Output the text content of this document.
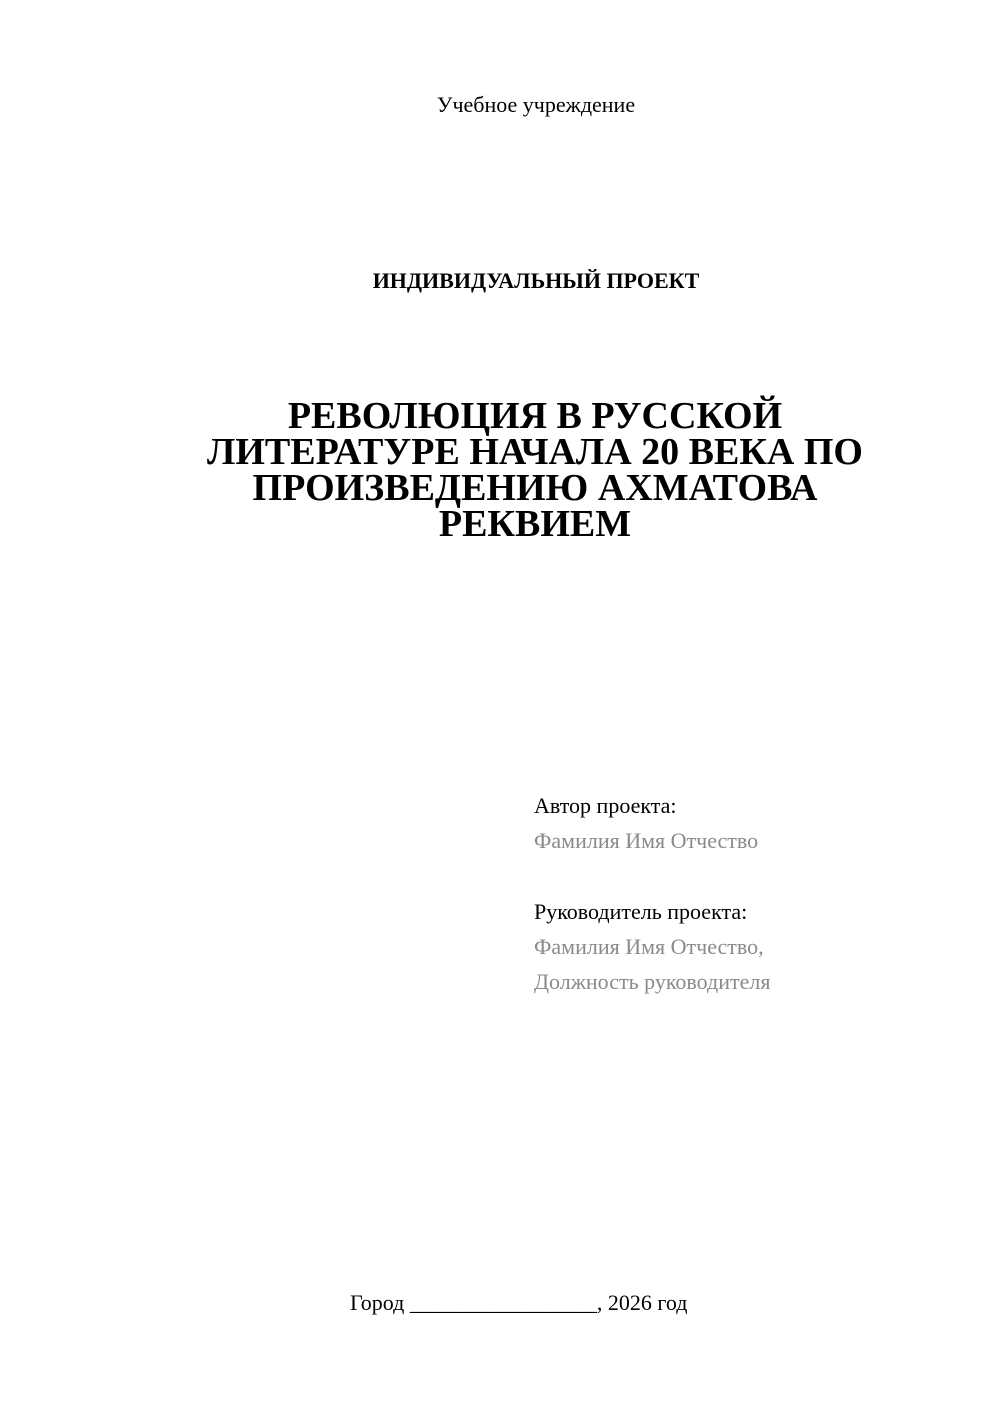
Учебное учреждение
ИНДИВИДУАЛЬНЫЙ ПРОЕКТ
РЕВОЛЮЦИЯ В РУССКОЙ
ЛИТЕРАТУРЕ НАЧАЛА 20 ВЕКА ПО
ПРОИЗВЕДЕНИЮ АХМАТОВА
РЕКВИЕМ
Автор проекта:
Фамилия Имя Отчество
Руководитель проекта:
Фамилия Имя Отчество,
Должность руководителя
Город _________________, 2026 год
